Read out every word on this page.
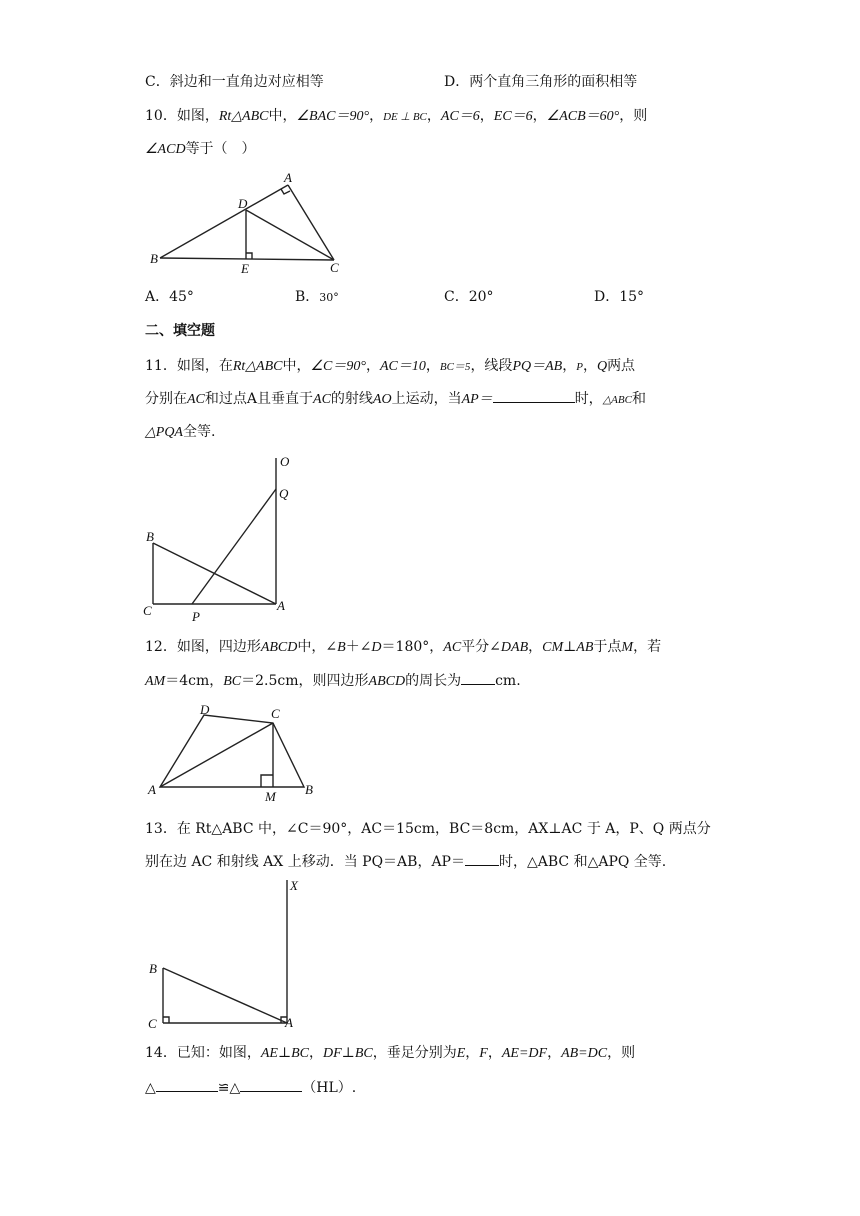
C．斜边和一直角边对应相等	D．两个直角三角形的面积相等
10．如图，Rt△ABC中，∠BAC＝90°，DE ⊥ BC，AC＝6，EC＝6，∠ACB＝60°，则
∠ACD等于（　）
A
B
C
D
E
A．45°	B．30°	C．20°	D．15°
二、填空题
11．如图，在Rt△ABC中，∠C＝90°，AC＝10，BC＝5，线段PQ＝AB，P，Q两点
分别在AC和过点A且垂直于AC的射线AO上运动，当AP＝	时，△ABC和
△PQA全等.
O
Q
B
C	P
A
12．如图，四边形ABCD中，∠B＋∠D＝180°，AC平分∠DAB，CM⊥AB于点M，若
AM＝4cm，BC＝2.5cm，则四边形ABCD的周长为 cm.
D	C
A	M B
13．在 Rt△ABC 中，∠C＝90°，AC＝15cm，BC＝8cm，AX⊥AC 于 A，P、Q 两点分
别在边 AC 和射线 AX 上移动．当 PQ＝AB，AP＝ 时，△ABC 和△APQ 全等.
X
B
C	A
14．已知：如图，AE⊥BC，DF⊥BC，垂足分别为E，F，AE=DF，AB=DC，则
△	≌△	（HL）.
